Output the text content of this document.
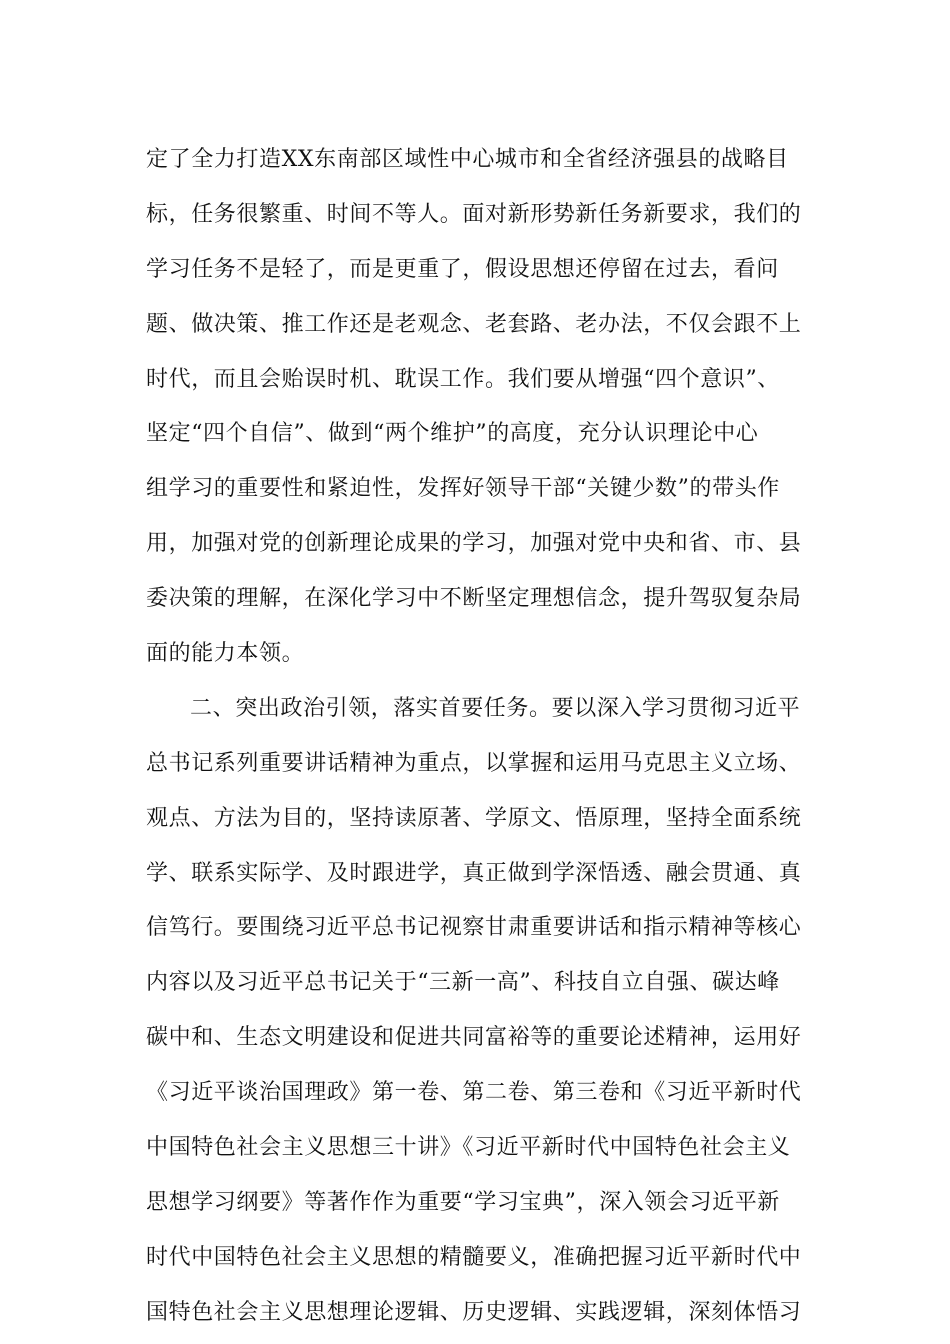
定了全力打造XX东南部区域性中心城市和全省经济强县的战略目
标，任务很繁重、时间不等人。面对新形势新任务新要求，我们的
学习任务不是轻了，而是更重了，假设思想还停留在过去，看问
题、做决策、推工作还是老观念、老套路、老办法，不仅会跟不上
时代，而且会贻误时机、耽误工作。我们要从增强“四个意识”、
坚定“四个自信”、做到“两个维护”的高度，充分认识理论中心
组学习的重要性和紧迫性，发挥好领导干部“关键少数”的带头作
用，加强对党的创新理论成果的学习，加强对党中央和省、市、县
委决策的理解，在深化学习中不断坚定理想信念，提升驾驭复杂局
面的能力本领。
二、突出政治引领，落实首要任务。要以深入学习贯彻习近平
总书记系列重要讲话精神为重点，以掌握和运用马克思主义立场、
观点、方法为目的，坚持读原著、学原文、悟原理，坚持全面系统
学、联系实际学、及时跟进学，真正做到学深悟透、融会贯通、真
信笃行。要围绕习近平总书记视察甘肃重要讲话和指示精神等核心
内容以及习近平总书记关于“三新一高”、科技自立自强、碳达峰
碳中和、生态文明建设和促进共同富裕等的重要论述精神，运用好
《习近平谈治国理政》第一卷、第二卷、第三卷和《习近平新时代
中国特色社会主义思想三十讲》《习近平新时代中国特色社会主义
思想学习纲要》等著作作为重要“学习宝典”，深入领会习近平新
时代中国特色社会主义思想的精髓要义，准确把握习近平新时代中
国特色社会主义思想理论逻辑、历史逻辑、实践逻辑，深刻体悟习
